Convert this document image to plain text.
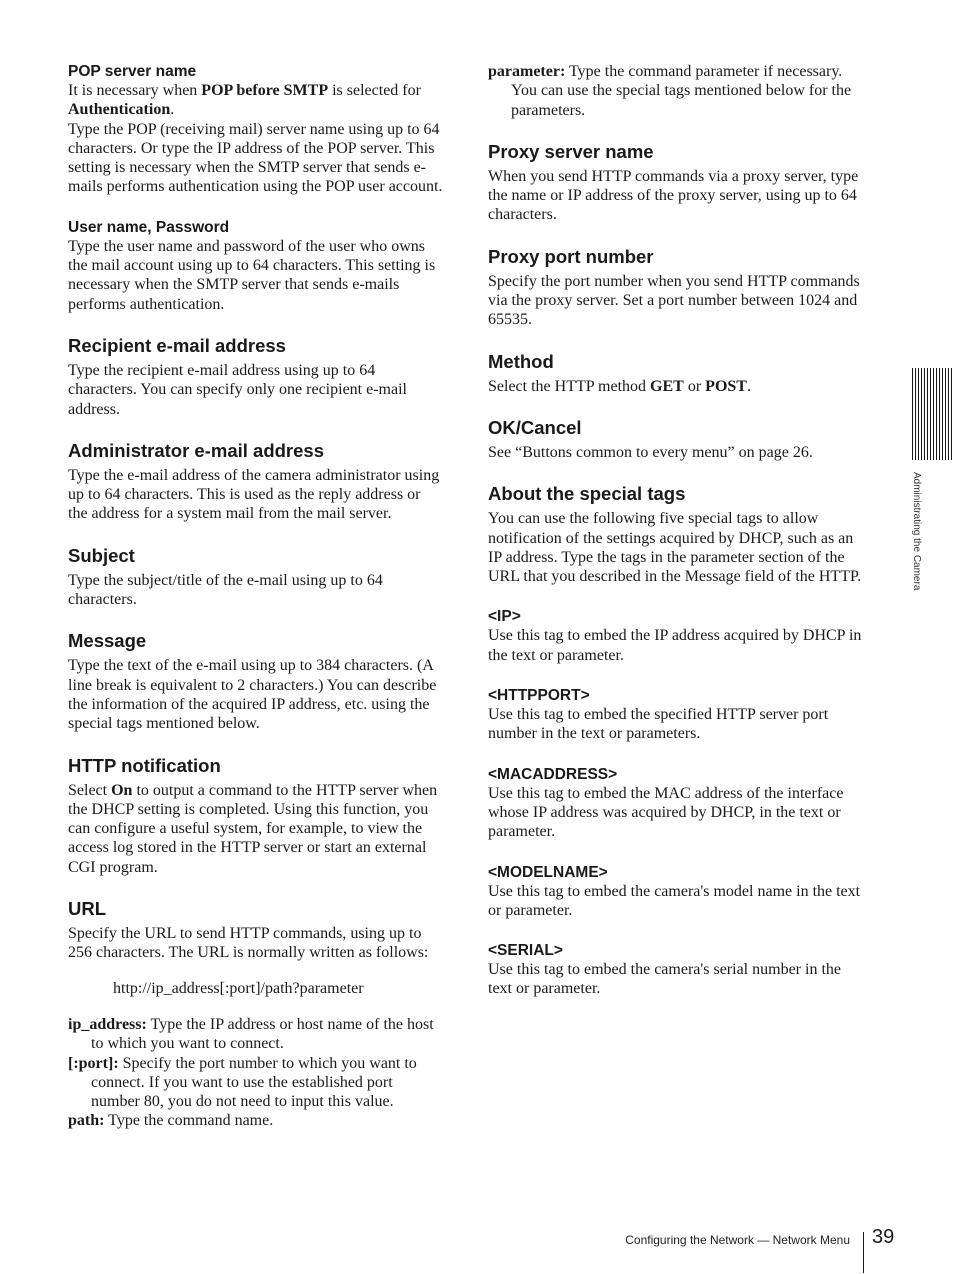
POP server name

It is necessary when POP before SMTP is selected for Authentication.

Type the POP (receiving mail) server name using up to 64 characters. Or type the IP address of the POP server. This setting is necessary when the SMTP server that sends e-mails performs authentication using the POP user account.

User name, Password

Type the user name and password of the user who owns the mail account using up to 64 characters. This setting is necessary when the SMTP server that sends e-mails performs authentication.

Recipient e-mail address

Type the recipient e-mail address using up to 64 characters. You can specify only one recipient e-mail address.

Administrator e-mail address

Type the e-mail address of the camera administrator using up to 64 characters. This is used as the reply address or the address for a system mail from the mail server.

Subject

Type the subject/title of the e-mail using up to 64 characters.

Message

Type the text of the e-mail using up to 384 characters. (A line break is equivalent to 2 characters.) You can describe the information of the acquired IP address, etc. using the special tags mentioned below.

HTTP notification

Select On to output a command to the HTTP server when the DHCP setting is completed. Using this function, you can configure a useful system, for example, to view the access log stored in the HTTP server or start an external CGI program.

URL

Specify the URL to send HTTP commands, using up to 256 characters. The URL is normally written as follows:

http://ip_address[:port]/path?parameter

ip_address: Type the IP address or host name of the host to which you want to connect.

[:port]: Specify the port number to which you want to connect. If you want to use the established port number 80, you do not need to input this value.

path: Type the command name.

parameter: Type the command parameter if necessary. You can use the special tags mentioned below for the parameters.

Proxy server name

When you send HTTP commands via a proxy server, type the name or IP address of the proxy server, using up to 64 characters.

Proxy port number

Specify the port number when you send HTTP commands via the proxy server. Set a port number between 1024 and 65535.

Method

Select the HTTP method GET or POST.

OK/Cancel

See “Buttons common to every menu” on page 26.

About the special tags

You can use the following five special tags to allow notification of the settings acquired by DHCP, such as an IP address. Type the tags in the parameter section of the URL that you described in the Message field of the HTTP.

<IP>

Use this tag to embed the IP address acquired by DHCP in the text or parameter.

<HTTPPORT>

Use this tag to embed the specified HTTP server port number in the text or parameters.

<MACADDRESS>

Use this tag to embed the MAC address of the interface whose IP address was acquired by DHCP, in the text or parameter.

<MODELNAME>

Use this tag to embed the camera's model name in the text or parameter.

<SERIAL>

Use this tag to embed the camera's serial number in the text or parameter.

Administrating the Camera
Configuring the Network — Network Menu 39
